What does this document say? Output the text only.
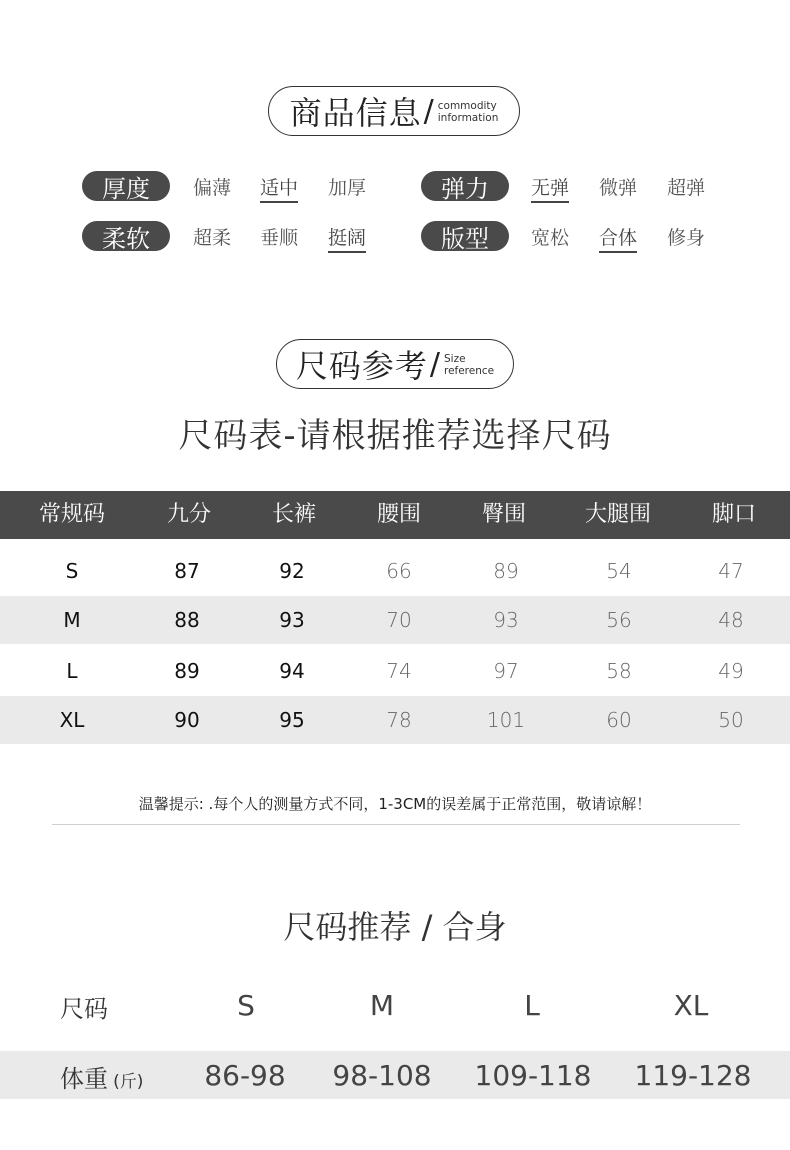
商品信息 / commodity
information
厚度	偏薄 适中 加厚	弹力	无弹 微弹 超弹
柔软	超柔 垂顺 挺阔	版型	宽松 合体 修身
尺码参考 / Size
reference
尺码表-请根据推荐选择尺码
常规码	九分	长裤	腰围	臀围	大腿围	脚口
S	87	92	66	89	54	47
M	88	93	70	93	56	48
L	89	94	74	97	58	49
XL	90	95	78	101	60	50
温馨提示: .每个人的测量方式不同，1-3CM的误差属于正常范围，敬请谅解！
尺码推荐 / 合身
尺码	S	M	L	XL
体重 (斤) 86-98 98-108 109-118 119-128
